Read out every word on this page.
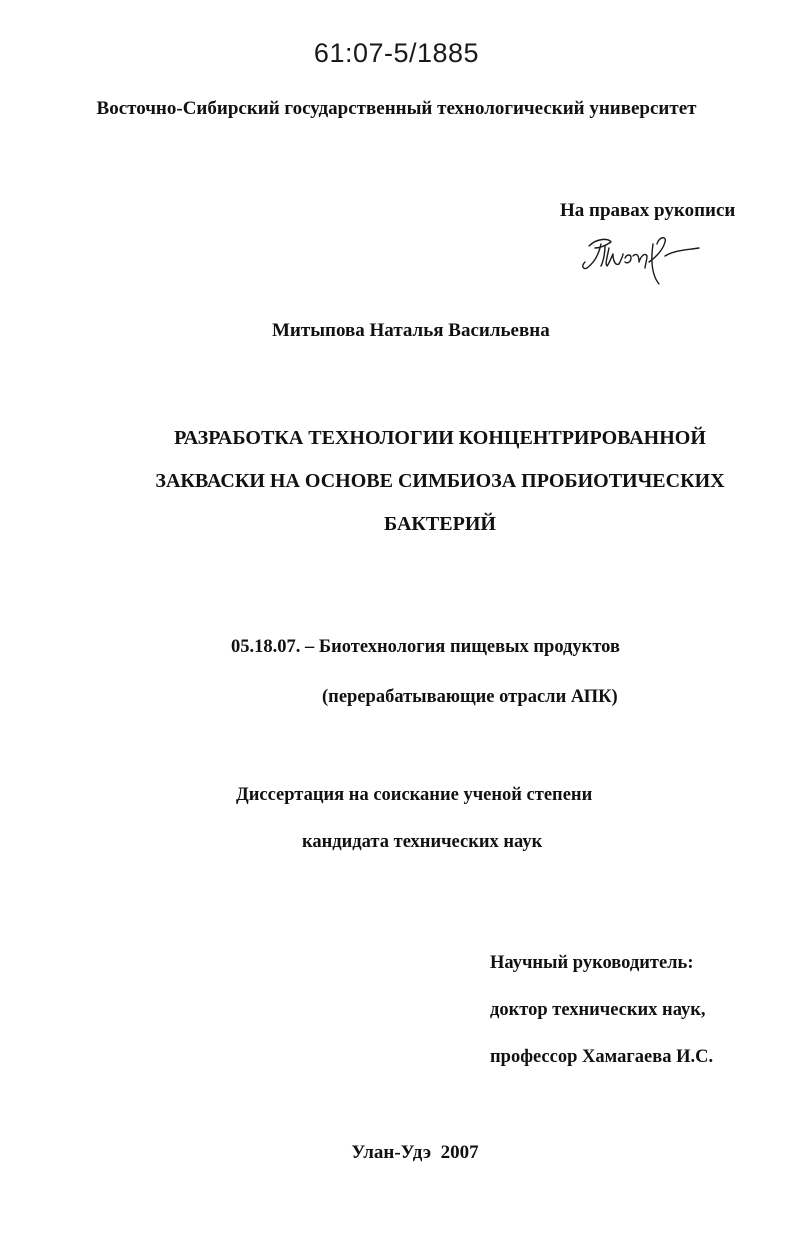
61:07-5/1885
Восточно-Сибирский государственный технологический университет
На правах рукописи
Митыпова Наталья Васильевна
РАЗРАБОТКА ТЕХНОЛОГИИ КОНЦЕНТРИРОВАННОЙ
ЗАКВАСКИ НА ОСНОВЕ СИМБИОЗА ПРОБИОТИЧЕСКИХ
БАКТЕРИЙ
05.18.07. – Биотехнология пищевых продуктов
(перерабатывающие отрасли АПК)
Диссертация на соискание ученой степени
кандидата технических наук
Научный руководитель:
доктор технических наук,
профессор Хамагаева И.С.
Улан-Удэ  2007
